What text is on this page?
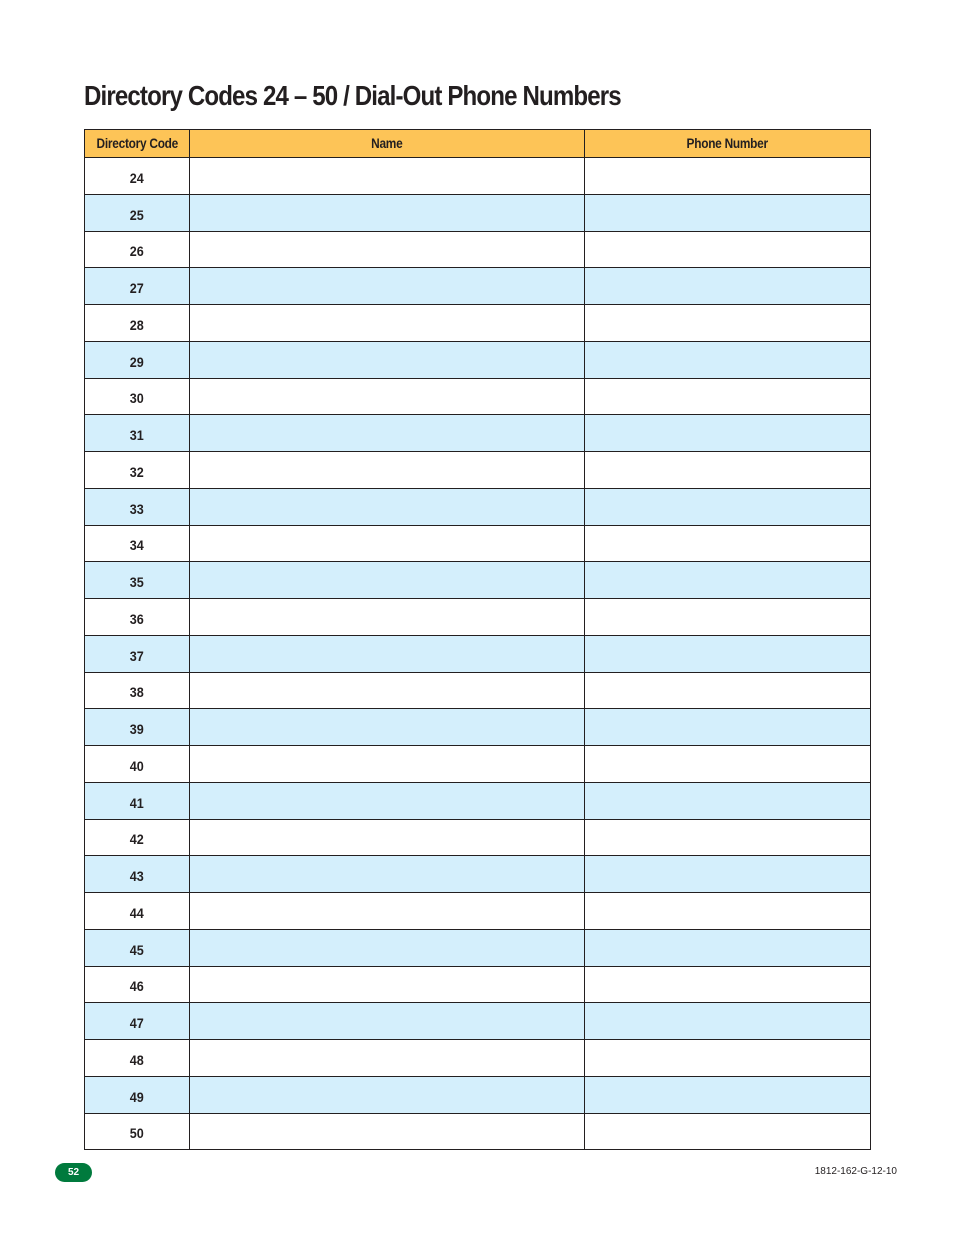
Directory Codes 24 – 50 / Dial-Out Phone Numbers
Directory Code	Name	Phone Number
24		
25		
26		
27		
28		
29		
30		
31		
32		
33		
34		
35		
36		
37		
38		
39		
40		
41		
42		
43		
44		
45		
46		
47		
48		
49		
50		
52	1812-162-G-12-10
